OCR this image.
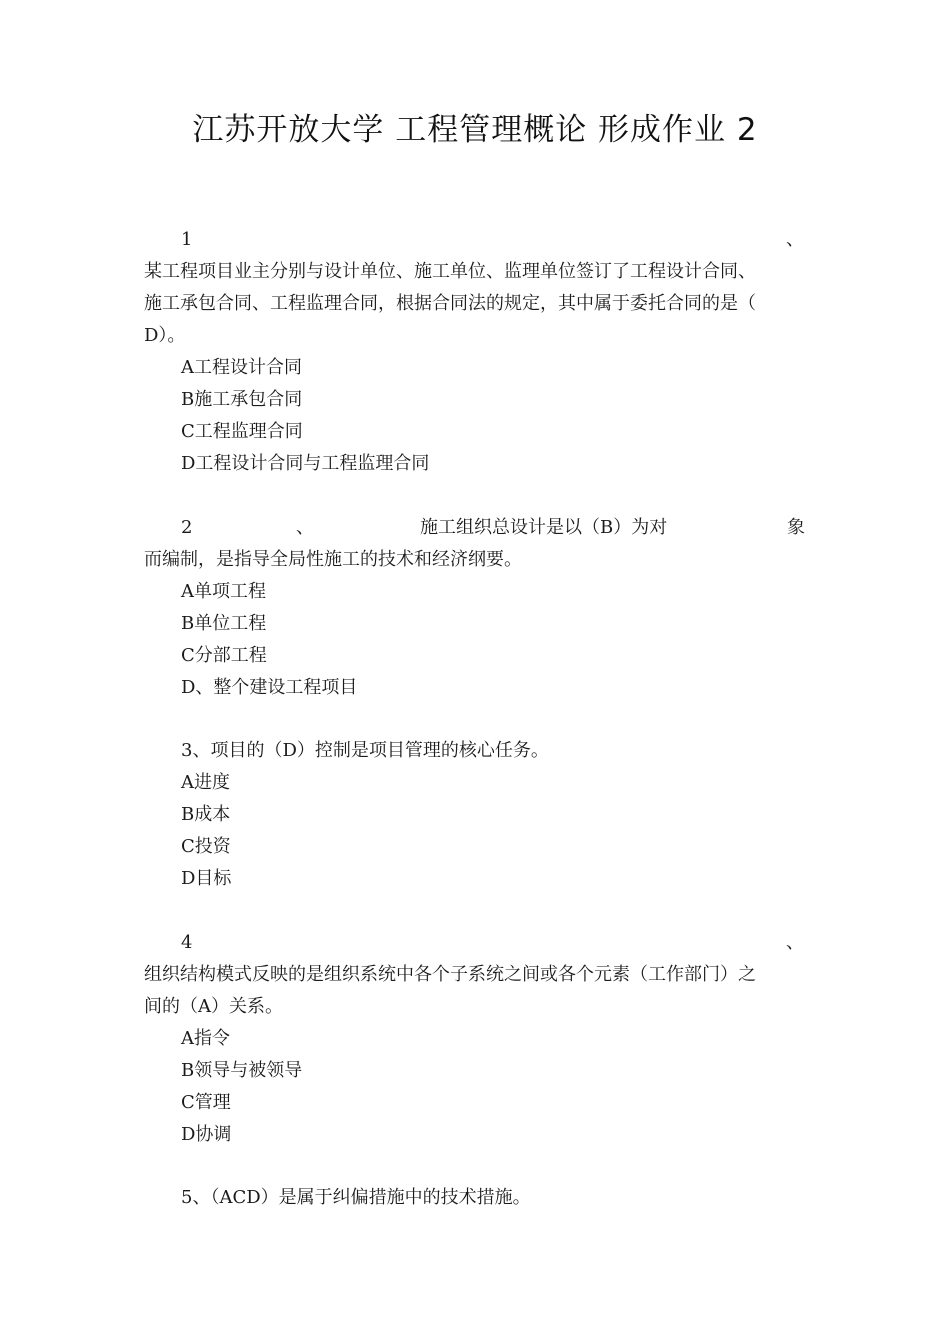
江苏开放大学 工程管理概论 形成作业 2
1	、
某工程项目业主分别与设计单位、施工单位、监理单位签订了工程设计合同、
施工承包合同、工程监理合同，根据合同法的规定，其中属于委托合同的是（
D）。
A工程设计合同
B施工承包合同
C工程监理合同
D工程设计合同与工程监理合同
2	、	施工组织总设计是以（B）为对	象
而编制，是指导全局性施工的技术和经济纲要。
A单项工程
B单位工程
C分部工程
D、整个建设工程项目
3、项目的（D）控制是项目管理的核心任务。
A进度
B成本
C投资
D目标
4	、
组织结构模式反映的是组织系统中各个子系统之间或各个元素（工作部门）之
间的（A）关系。
A指令
B领导与被领导
C管理
D协调
5、（ACD）是属于纠偏措施中的技术措施。
